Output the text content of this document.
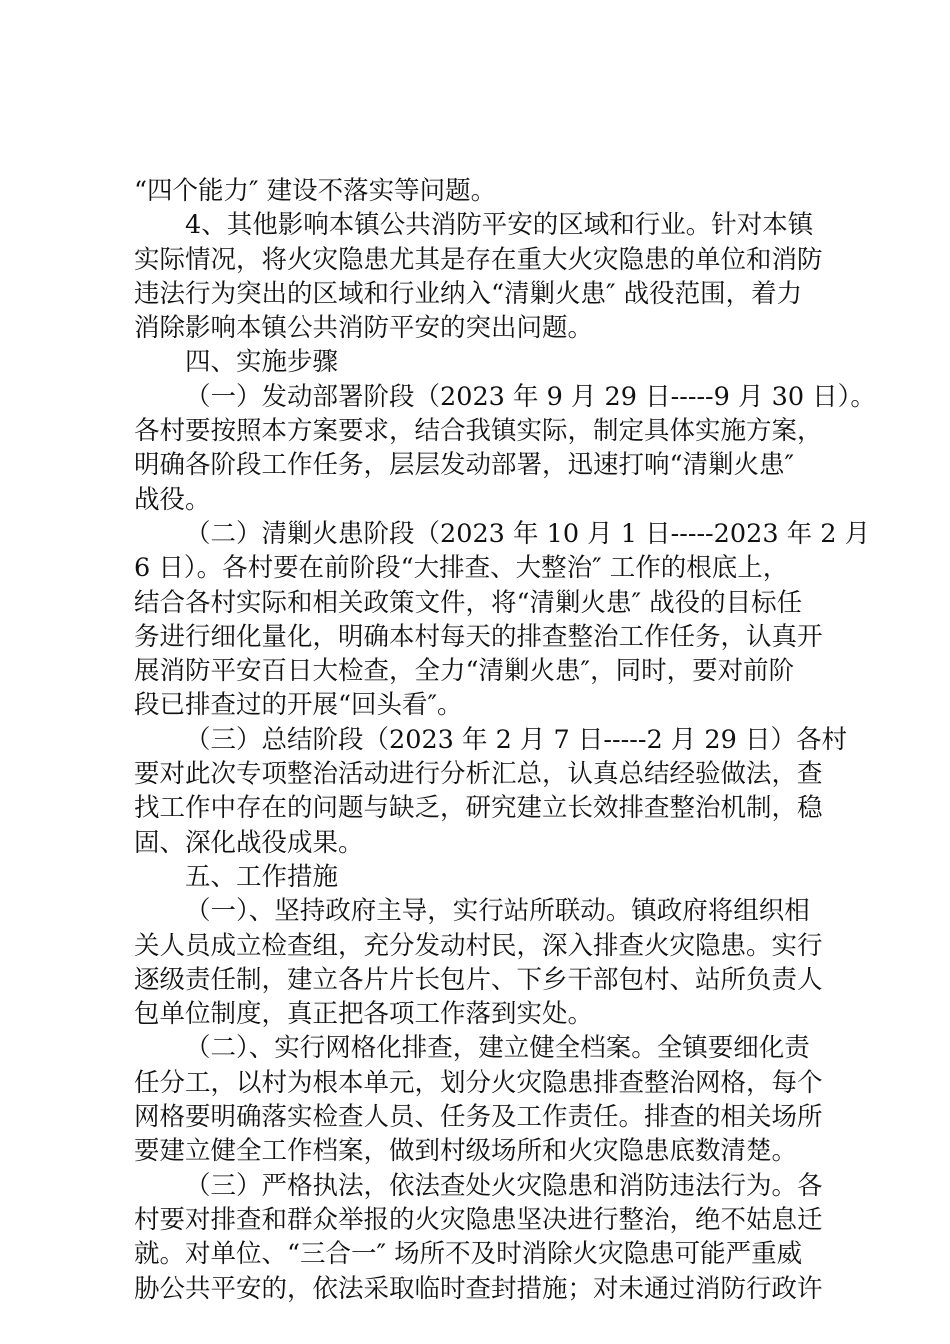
“四个能力″ 建设不落实等问题。

4、其他影响本镇公共消防平安的区域和行业。针对本镇

实际情况，将火灾隐患尤其是存在重大火灾隐患的单位和消防

违法行为突出的区域和行业纳入“清剿火患″ 战役范围，着力

消除影响本镇公共消防平安的突出问题。

四、实施步骤

（一）发动部署阶段（2023 年 9 月 29 日-----9 月 30 日）。

各村要按照本方案要求，结合我镇实际，制定具体实施方案，

明确各阶段工作任务，层层发动部署，迅速打响“清剿火患″

战役。

（二）清剿火患阶段（2023 年 10 月 1 日-----2023 年 2 月

6 日）。各村要在前阶段“大排查、大整治″ 工作的根底上，

结合各村实际和相关政策文件，将“清剿火患″ 战役的目标任

务进行细化量化，明确本村每天的排查整治工作任务，认真开

展消防平安百日大检查，全力“清剿火患″，同时，要对前阶

段已排查过的开展“回头看″。

（三）总结阶段（2023 年 2 月 7 日-----2 月 29 日）各村

要对此次专项整治活动进行分析汇总，认真总结经验做法，查

找工作中存在的问题与缺乏，研究建立长效排查整治机制，稳

固、深化战役成果。

五、工作措施

（一）、坚持政府主导，实行站所联动。镇政府将组织相

关人员成立检查组，充分发动村民，深入排查火灾隐患。实行

逐级责任制，建立各片片长包片、下乡干部包村、站所负责人

包单位制度，真正把各项工作落到实处。

（二）、实行网格化排查，建立健全档案。全镇要细化责

任分工，以村为根本单元，划分火灾隐患排查整治网格，每个

网格要明确落实检查人员、任务及工作责任。排查的相关场所

要建立健全工作档案，做到村级场所和火灾隐患底数清楚。

（三）严格执法，依法查处火灾隐患和消防违法行为。各

村要对排查和群众举报的火灾隐患坚决进行整治，绝不姑息迁

就。对单位、“三合一″ 场所不及时消除火灾隐患可能严重威

胁公共平安的，依法采取临时查封措施；对未通过消防行政许
